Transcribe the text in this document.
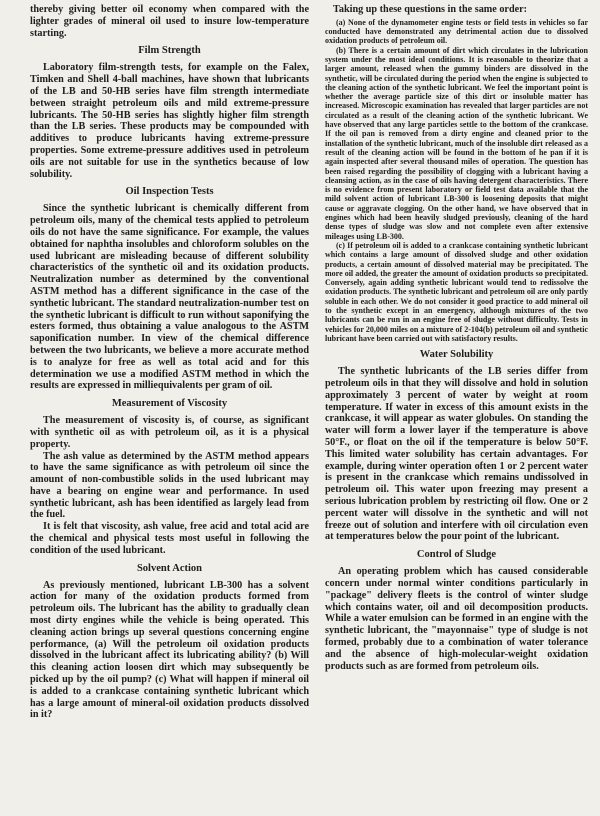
thereby giving better oil economy when compared with the lighter grades of mineral oil used to insure low-temperature starting.

Film Strength

Laboratory film-strength tests, for example on the Falex, Timken and Shell 4-ball machines, have shown that lubricants of the LB and 50-HB series have film strength intermediate between straight petroleum oils and mild extreme-pressure lubricants. The 50-HB series has slightly higher film strength than the LB series. These products may be compounded with additives to produce lubricants having extreme-pressure properties. Some extreme-pressure additives used in petroleum oils are not suitable for use in the synthetics because of low solubility.

Oil Inspection Tests

Since the synthetic lubricant is chemically different from petroleum oils, many of the chemical tests applied to petroleum oils do not have the same significance. For example, the values obtained for naphtha insolubles and chloroform solubles on the used lubricant are misleading because of different solubility characteristics of the synthetic oil and its oxidation products. Neutralization number as determined by the conventional ASTM method has a different significance in the case of the synthetic lubricant. The standard neutralization-number test on the synthetic lubricant is difficult to run without saponifying the esters formed, thus obtaining a value analogous to the ASTM saponification number. In view of the chemical difference between the two lubricants, we believe a more accurate method is to analyze for free as well as total acid and for this determination we use a modified ASTM method in which the results are expressed in milliequivalents per gram of oil.

Measurement of Viscosity

The measurement of viscosity is, of course, as significant with synthetic oil as with petroleum oil, as it is a physical property.

The ash value as determined by the ASTM method appears to have the same significance as with petroleum oil since the amount of non-combustible solids in the used lubricant may have a bearing on engine wear and performance. In used synthetic lubricant, ash has been identified as largely lead from the fuel.

It is felt that viscosity, ash value, free acid and total acid are the chemical and physical tests most useful in following the condition of the used lubricant.

Solvent Action

As previously mentioned, lubricant LB-300 has a solvent action for many of the oxidation products formed from petroleum oils. The lubricant has the ability to gradually clean most dirty engines while the vehicle is being operated. This cleaning action brings up several questions concerning engine performance, (a) Will the petroleum oil oxidation products dissolved in the lubricant affect its lubricating ability? (b) Will this cleaning action loosen dirt which may subsequently be picked up by the oil pump? (c) What will happen if mineral oil is added to a crankcase containing synthetic lubricant which has a large amount of mineral-oil oxidation products dissolved in it?

Taking up these questions in the same order:

(a) None of the dynamometer engine tests or field tests in vehicles so far conducted have demonstrated any detrimental action due to dissolved oxidation products of petroleum oil.

(b) There is a certain amount of dirt which circulates in the lubrication system under the most ideal conditions. It is reasonable to theorize that a larger amount, released when the gummy binders are dissolved in the synthetic, will be circulated during the period when the engine is subjected to the cleaning action of the synthetic lubricant. We feel the important point is whether the average particle size of this dirt or insoluble matter has increased. Microscopic examination has revealed that larger particles are not circulated as a result of the cleaning action of the synthetic lubricant. We have observed that any large particles settle to the bottom of the crankcase. If the oil pan is removed from a dirty engine and cleaned prior to the installation of the synthetic lubricant, much of the insoluble dirt released as a result of the cleaning action will be found in the bottom of he pan if it is again inspected after several thousand miles of operation. The question has been raised regarding the possibility of clogging with a lubricant having a cleansing action, as in the case of oils having detergent characteristics. There is no evidence from present laboratory or field test data available that the mild solvent action of lubricant LB-300 is loosening deposits that might cause or aggravate clogging. On the other hand, we have observed that in engines which had been heavily sludged previously, cleaning of the hard dense types of sludge was slow and not complete even after extensive mileages using LB-300.

(c) If petroleum oil is added to a crankcase containing synthetic lubricant which contains a large amount of dissolved sludge and other oxidation products, a certain amount of dissolved material may be precipitated. The more oil added, the greater the amount of oxidation products so precipitated. Conversely, again adding synthetic lubricant would tend to redissolve the oxidation products. The synthetic lubricant and petroleum oil are only partly soluble in each other. We do not consider it good practice to add mineral oil to the synthetic except in an emergency, although mixtures of the two lubricants can be run in an engine free of sludge without difficulty. Tests in vehicles for 20,000 miles on a mixture of 2-104(b) petroleum oil and synthetic lubricant have been carried out with satisfactory results.

Water Solubility

The synthetic lubricants of the LB series differ from petroleum oils in that they will dissolve and hold in solution approximately 3 percent of water by weight at room temperature. If water in excess of this amount exists in the crankcase, it will appear as water globules. On standing the water will form a lower layer if the temperature is above 50°F., or float on the oil if the temperature is below 50°F. This limited water solubility has certain advantages. For example, during winter operation often 1 or 2 percent water is present in the crankcase which remains undissolved in petroleum oil. This water upon freezing may present a serious lubrication problem by restricting oil flow. One or 2 percent water will dissolve in the synthetic and will not freeze out of solution and interfere with oil circulation even at temperatures below the pour point of the lubricant.

Control of Sludge

An operating problem which has caused considerable concern under normal winter conditions particularly in "package" delivery fleets is the control of winter sludge which contains water, oil and oil decomposition products. While a water emulsion can be formed in an engine with the synthetic lubricant, the "mayonnaise" type of sludge is not formed, probably due to a combination of water tolerance and the absence of high-molecular-weight oxidation products such as are formed from petroleum oils.
